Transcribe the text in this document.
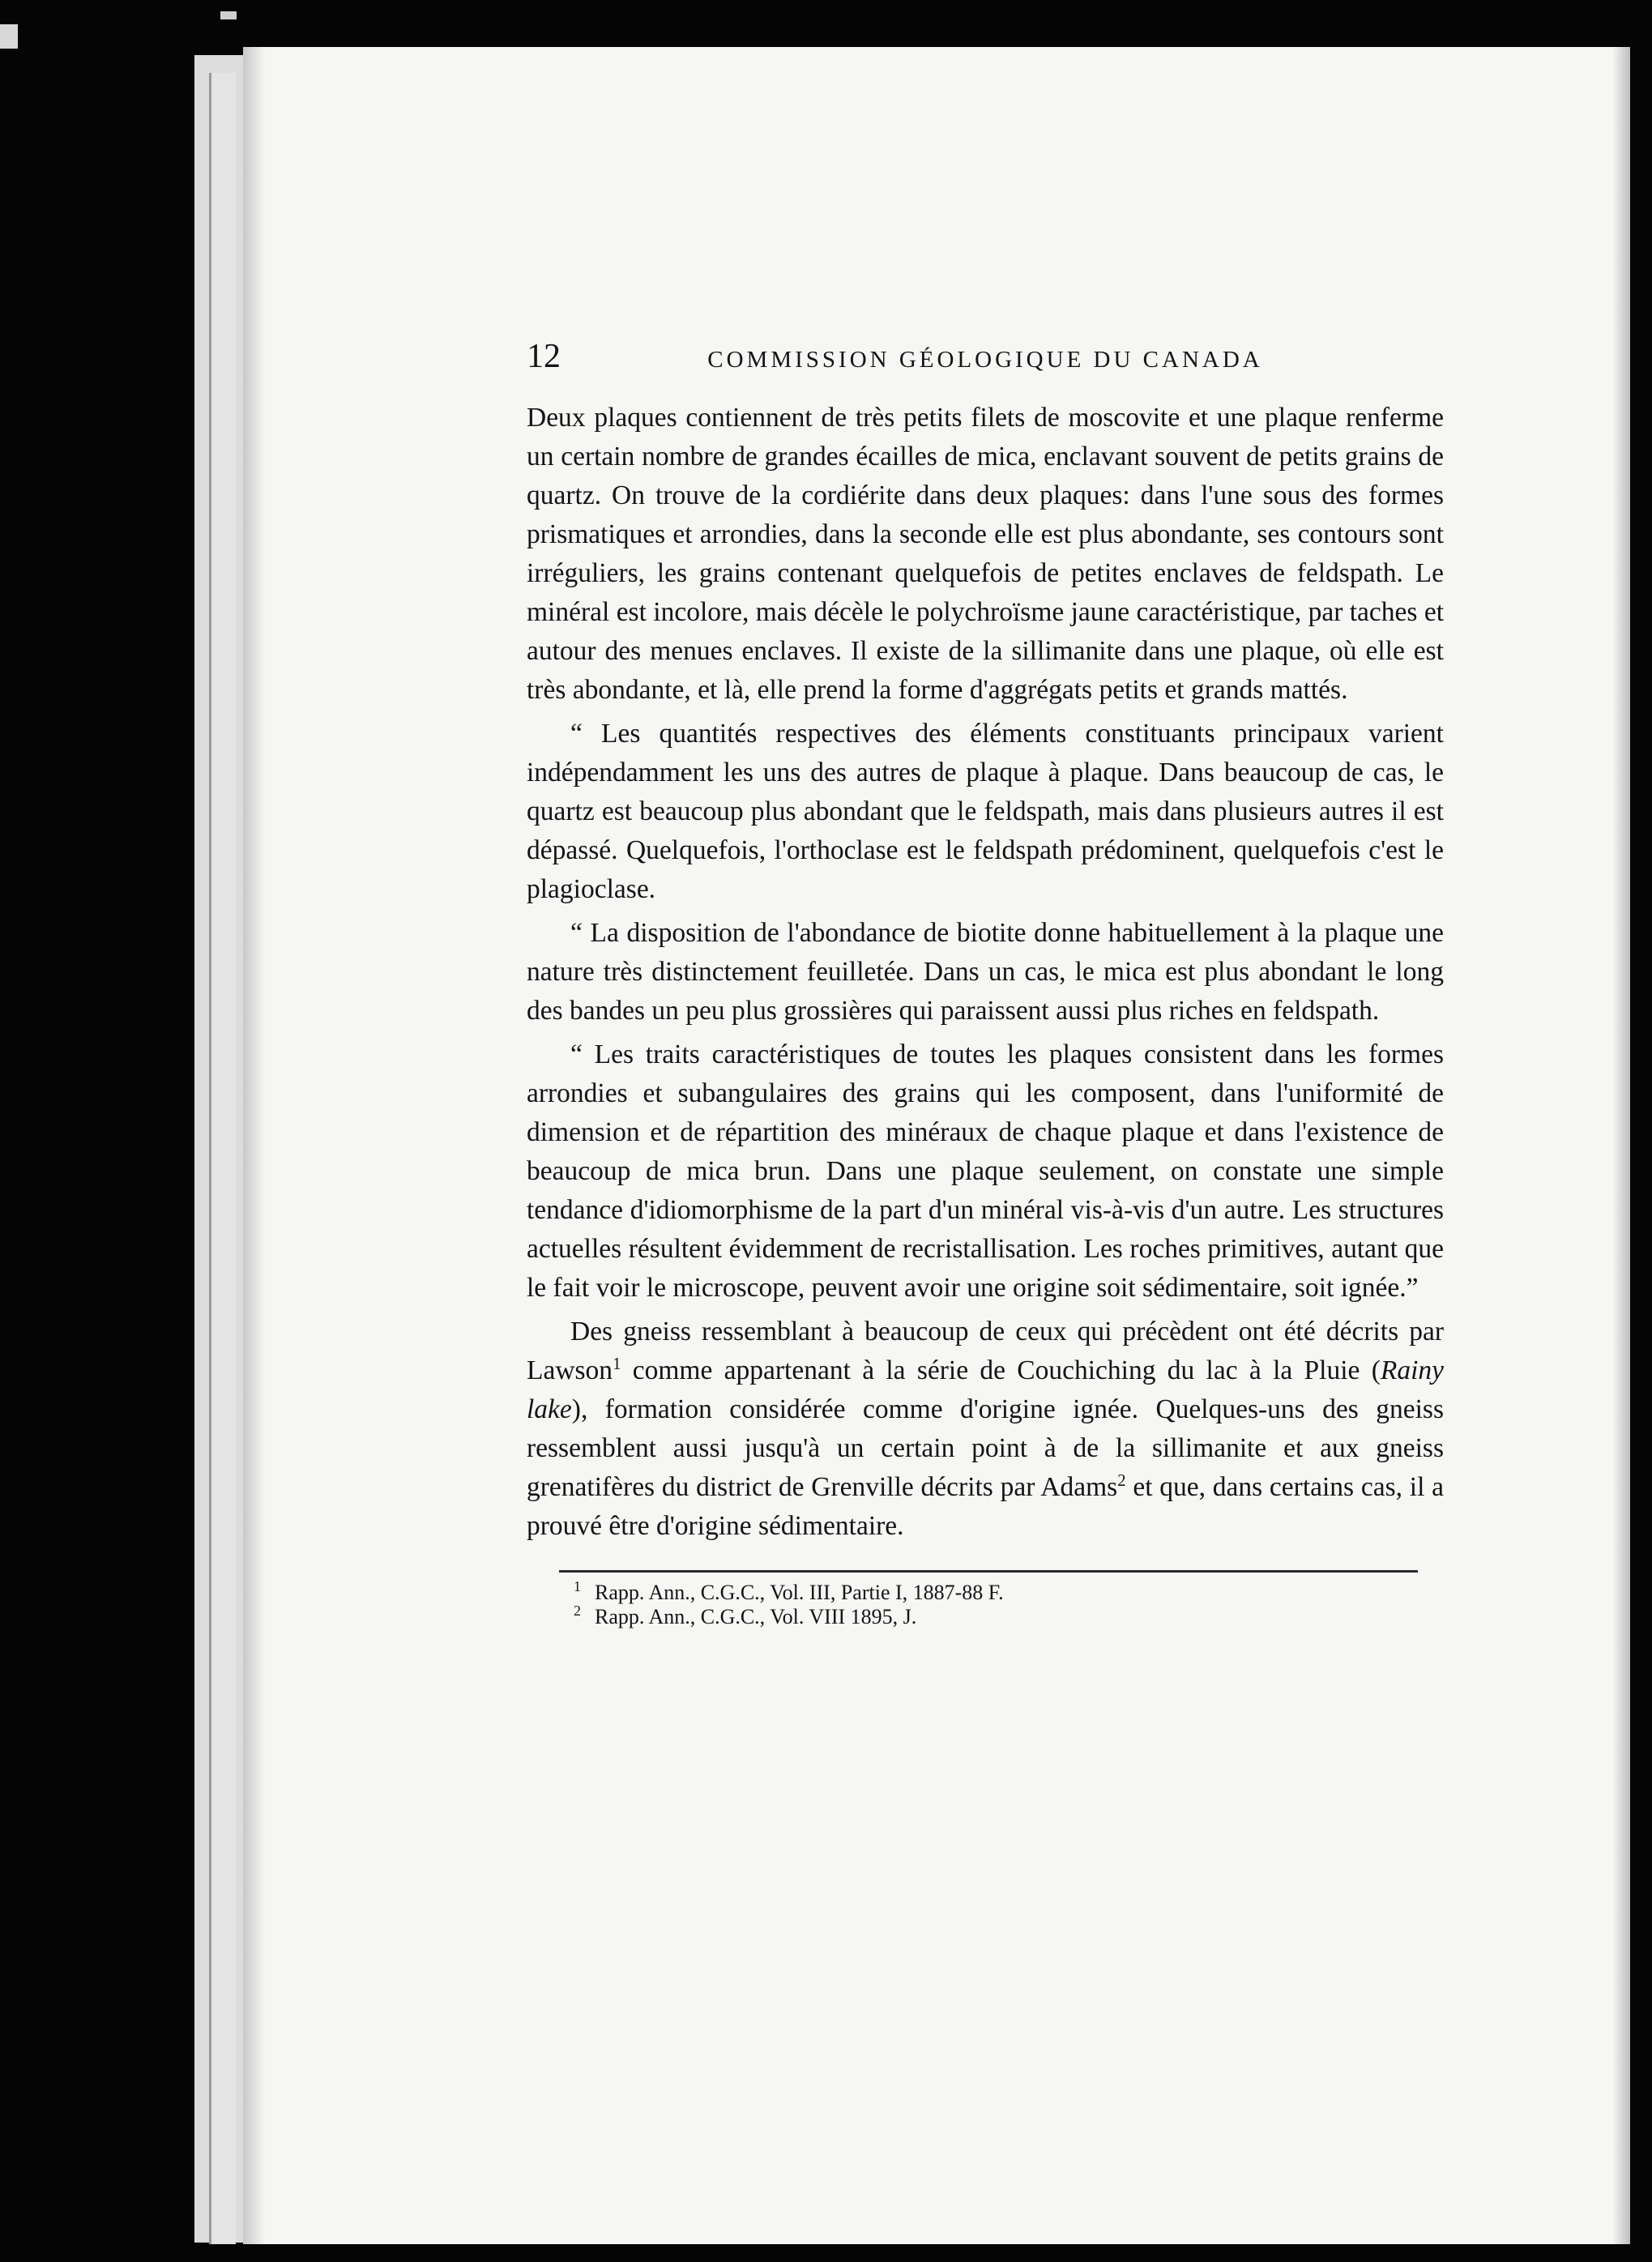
12	COMMISSION GÉOLOGIQUE DU CANADA

Deux plaques contiennent de très petits filets de moscovite et une plaque renferme un certain nombre de grandes écailles de mica, enclavant souvent de petits grains de quartz. On trouve de la cordiérite dans deux plaques: dans l'une sous des formes prismatiques et arrondies, dans la seconde elle est plus abondante, ses contours sont irréguliers, les grains contenant quelquefois de petites enclaves de feldspath. Le minéral est incolore, mais décèle le polychroïsme jaune caractéristique, par taches et autour des menues enclaves. Il existe de la sillimanite dans une plaque, où elle est très abondante, et là, elle prend la forme d'aggrégats petits et grands mattés.

“ Les quantités respectives des éléments constituants principaux varient indépendamment les uns des autres de plaque à plaque. Dans beaucoup de cas, le quartz est beaucoup plus abondant que le feldspath, mais dans plusieurs autres il est dépassé. Quelquefois, l'orthoclase est le feldspath prédominent, quelquefois c'est le plagioclase.

“ La disposition de l'abondance de biotite donne habituellement à la plaque une nature très distinctement feuilletée. Dans un cas, le mica est plus abondant le long des bandes un peu plus grossières qui paraissent aussi plus riches en feldspath.

“ Les traits caractéristiques de toutes les plaques consistent dans les formes arrondies et subangulaires des grains qui les composent, dans l'uniformité de dimension et de répartition des minéraux de chaque plaque et dans l'existence de beaucoup de mica brun. Dans une plaque seulement, on constate une simple tendance d'idiomorphisme de la part d'un minéral vis-à-vis d'un autre. Les structures actuelles résultent évidemment de recristallisation. Les roches primitives, autant que le fait voir le microscope, peuvent avoir une origine soit sédimentaire, soit ignée.”

Des gneiss ressemblant à beaucoup de ceux qui précèdent ont été décrits par Lawson$^1$ comme appartenant à la série de Couchiching du lac à la Pluie (Rainy lake), formation considérée comme d'origine ignée. Quelques-uns des gneiss ressemblent aussi jusqu'à un certain point à de la sillimanite et aux gneiss grenatifères du district de Grenville décrits par Adams$^2$ et que, dans certains cas, il a prouvé être d'origine sédimentaire.

1 Rapp. Ann., C.G.C., Vol. III, Partie I, 1887-88 F.
2 Rapp. Ann., C.G.C., Vol. VIII 1895, J.
